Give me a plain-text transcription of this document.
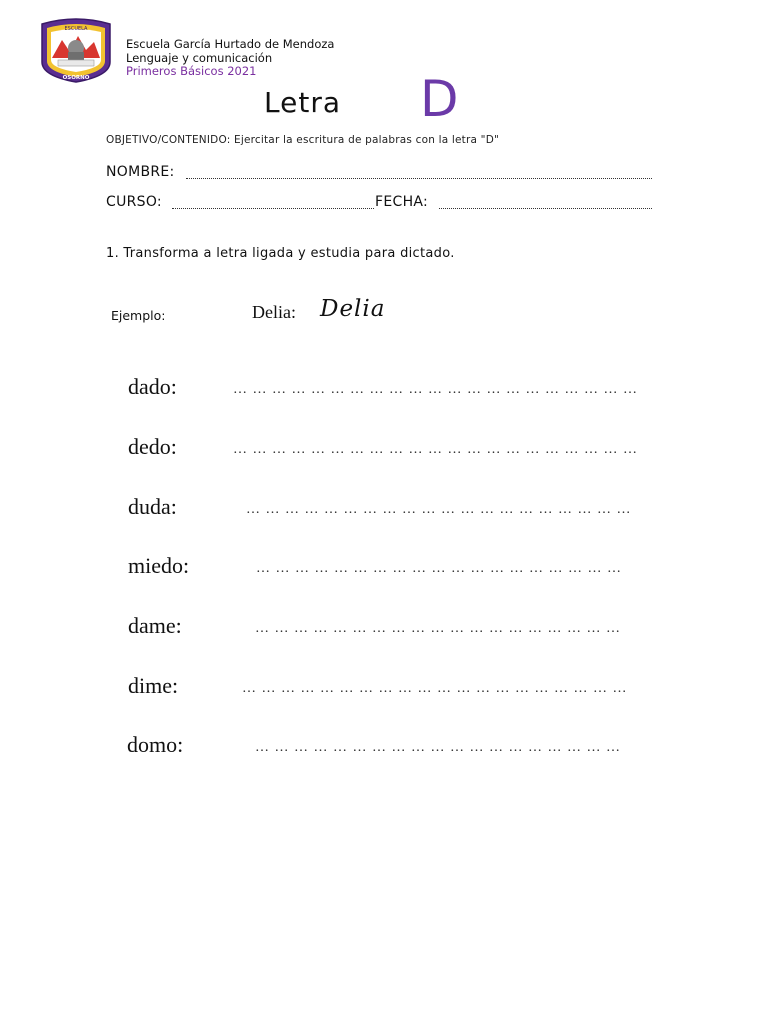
ESCUELA
OSORNO
Escuela García Hurtado de Mendoza
Lenguaje y comunicación
Primeros Básicos 2021
Letra D
OBJETIVO/CONTENIDO: Ejercitar la escritura de palabras con la letra "D"
NOMBRE:
CURSO:	FECHA:
1. Transforma a letra ligada y estudia para dictado.
Ejemplo:	Delia: Delia
dado:	… … … … … … … … … … … … … … … … … … … … …
dedo:	… … … … … … … … … … … … … … … … … … … … …
duda:	… … … … … … … … … … … … … … … … … … … …
miedo:	… … … … … … … … … … … … … … … … … … …
dame:	… … … … … … … … … … … … … … … … … … …
dime:	… … … … … … … … … … … … … … … … … … … …
domo:	… … … … … … … … … … … … … … … … … … …
